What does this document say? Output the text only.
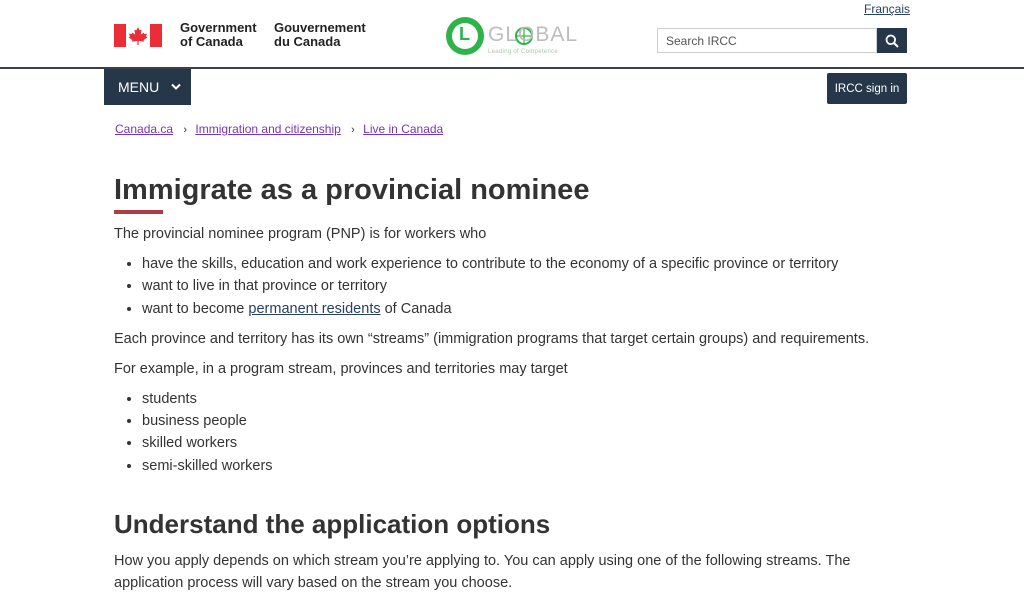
Français
Government
of Canada
Gouvernement
du Canada	L GLOBAL
Leading of Competence
Search IRCC
MENU	IRCC sign in
Canada.ca › Immigration and citizenship › Live in Canada
Immigrate as a provincial nominee

The provincial nominee program (PNP) is for workers who

• have the skills, education and work experience to contribute to the economy of a specific province or territory
• want to live in that province or territory
• want to become permanent residents of Canada

Each province and territory has its own “streams” (immigration programs that target certain groups) and requirements.

For example, in a program stream, provinces and territories may target

• students
• business people
• skilled workers
• semi-skilled workers
Understand the application options

How you apply depends on which stream you’re applying to. You can apply using one of the following streams. The application process will vary based on the stream you choose.
